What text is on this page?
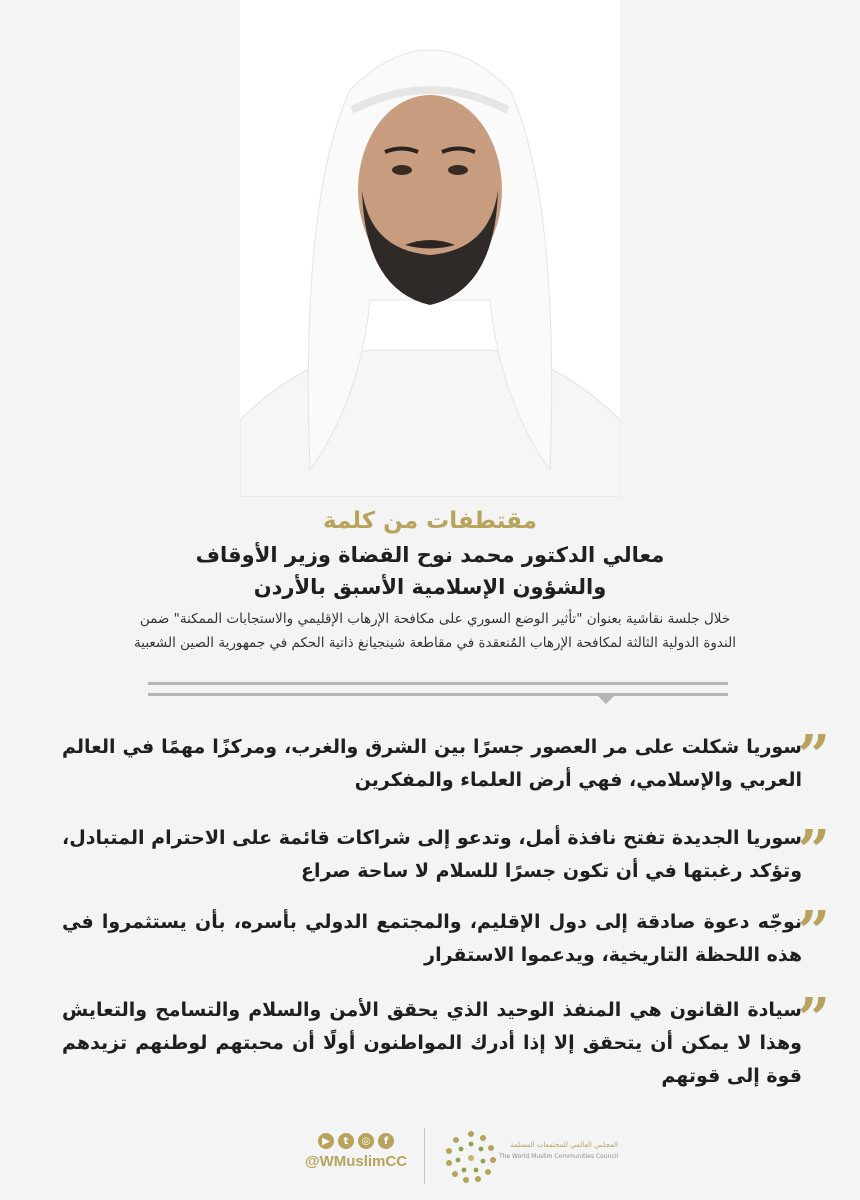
مقتطفات من كلمة
معالي الدكتور محمد نوح القضاة وزير الأوقاف
والشؤون الإسلامية الأسبق بالأردن
خلال جلسة نقاشية بعنوان "تأثير الوضع السوري على مكافحة الإرهاب الإقليمي والاستجابات الممكنة" ضمن الندوة الدولية الثالثة لمكافحة الإرهاب المُنعقدة في مقاطعة شينجيانغ ذاتية الحكم في جمهورية الصين الشعبية
”
سوريا شكلت على مر العصور جسرًا بين الشرق والغرب، ومركزًا مهمًا في العالم العربي والإسلامي، فهي أرض العلماء والمفكرين
”
سوريا الجديدة تفتح نافذة أمل، وتدعو إلى شراكات قائمة على الاحترام المتبادل، وتؤكد رغبتها في أن تكون جسرًا للسلام لا ساحة صراع
”
نوجّه دعوة صادقة إلى دول الإقليم، والمجتمع الدولي بأسره، بأن يستثمروا في هذه اللحظة التاريخية، ويدعموا الاستقرار
”
سيادة القانون هي المنفذ الوحيد الذي يحقق الأمن والسلام والتسامح والتعايش وهذا لا يمكن أن يتحقق إلا إذا أدرك المواطنون أولًا أن محبتهم لوطنهم تزيدهم قوة إلى قوتهم
▶	t	◎	f
@WMuslimCC
المجلس العالمي للمجتمعات المسلمة
The World Muslim Communities Council
